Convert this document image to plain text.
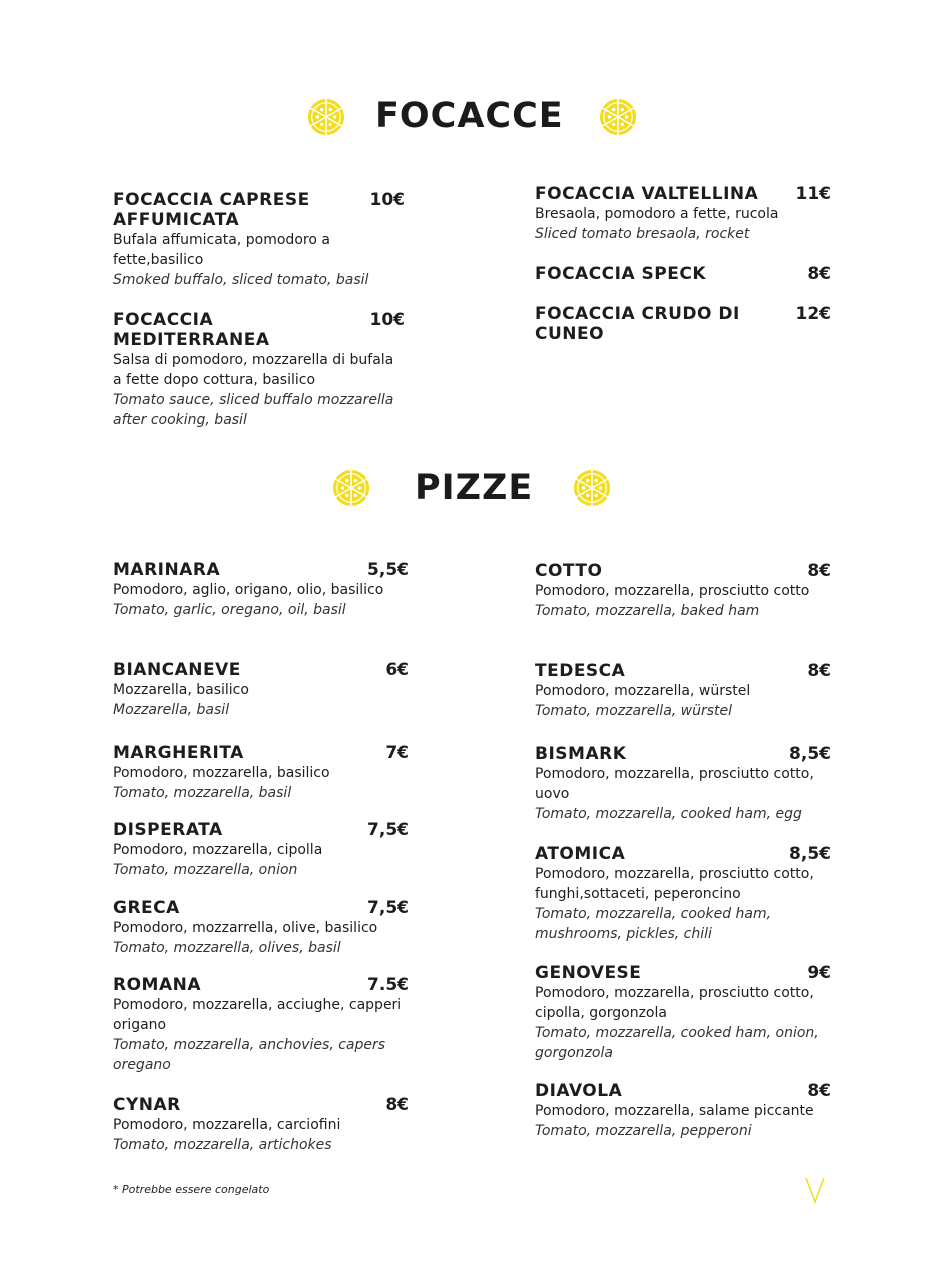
FOCACCE
PIZZE
* Potrebbe essere congelato
FOCACCIA CAPRESE AFFUMICATA
10€
Bufala affumicata, pomodoro a fette,basilico
Smoked buffalo, sliced tomato, basil
FOCACCIA MEDITERRANEA
10€
Salsa di pomodoro, mozzarella di bufala a fette dopo cottura, basilico
Tomato sauce, sliced buffalo mozzarella after cooking, basil
FOCACCIA VALTELLINA	11€
Bresaola, pomodoro a fette, rucola
Sliced tomato bresaola, rocket
FOCACCIA SPECK	8€
FOCACCIA CRUDO DI CUNEO
12€
MARINARA	5,5€
Pomodoro, aglio, origano, olio, basilico
Tomato, garlic, oregano, oil, basil
BIANCANEVE	6€
Mozzarella, basilico
Mozzarella, basil
MARGHERITA	7€
Pomodoro, mozzarella, basilico
Tomato, mozzarella, basil
DISPERATA	7,5€
Pomodoro, mozzarella, cipolla
Tomato, mozzarella, onion
GRECA	7,5€
Pomodoro, mozzarrella, olive, basilico
Tomato, mozzarella, olives, basil
ROMANA	7.5€
Pomodoro, mozzarella, acciughe, capperi origano
Tomato, mozzarella, anchovies, capers oregano
CYNAR	8€
Pomodoro, mozzarella, carciofini
Tomato, mozzarella, artichokes
COTTO	8€
Pomodoro, mozzarella, prosciutto cotto
Tomato, mozzarella, baked ham
TEDESCA	8€
Pomodoro, mozzarella, würstel
Tomato, mozzarella, würstel
BISMARK	8,5€
Pomodoro, mozzarella, prosciutto cotto, uovo
Tomato, mozzarella, cooked ham, egg
ATOMICA	8,5€
Pomodoro, mozzarella, prosciutto cotto, funghi,sottaceti, peperoncino
Tomato, mozzarella, cooked ham, mushrooms, pickles, chili
GENOVESE	9€
Pomodoro, mozzarella, prosciutto cotto, cipolla, gorgonzola
Tomato, mozzarella, cooked ham, onion, gorgonzola
DIAVOLA	8€
Pomodoro, mozzarella, salame piccante
Tomato, mozzarella, pepperoni
